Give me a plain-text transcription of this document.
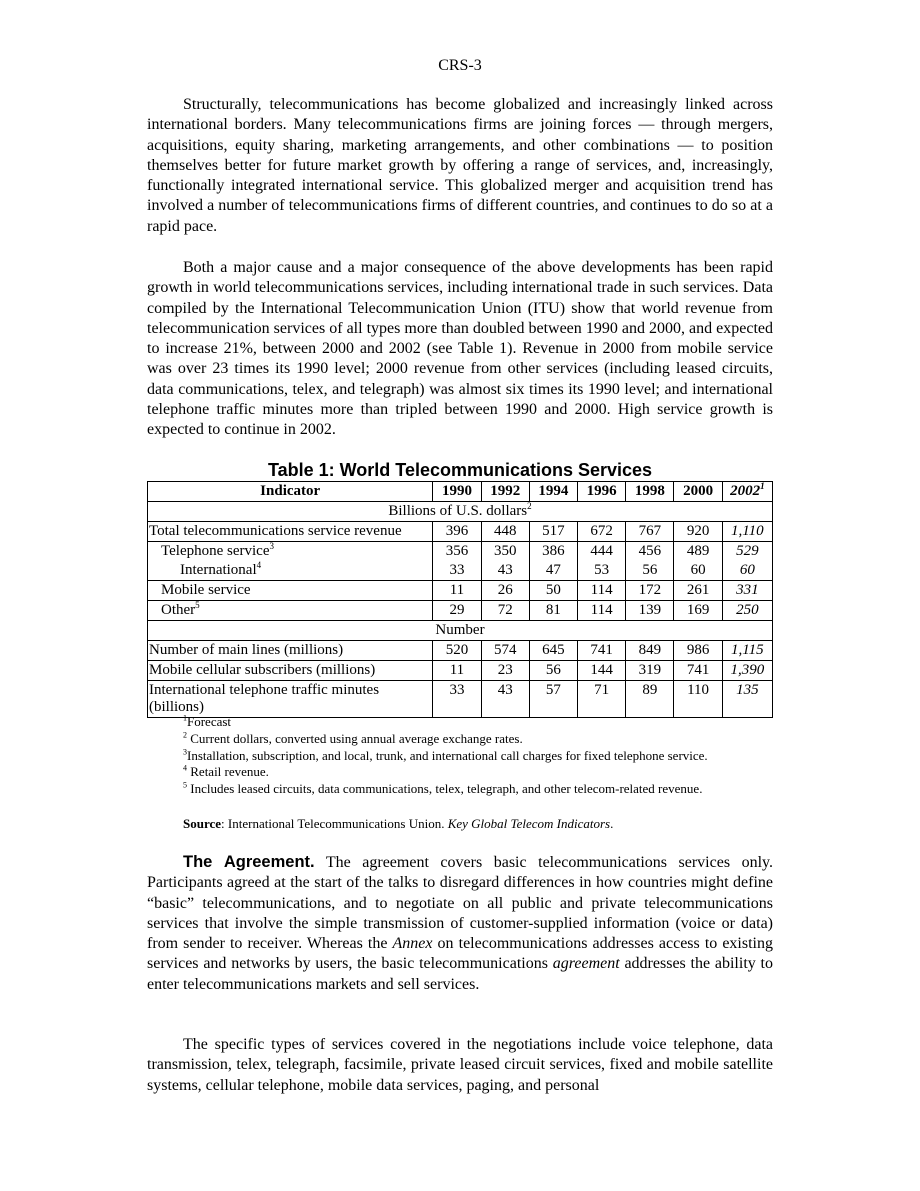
CRS-3

Structurally, telecommunications has become globalized and increasingly linked across international borders. Many telecommunications firms are joining forces — through mergers, acquisitions, equity sharing, marketing arrangements, and other combinations — to position themselves better for future market growth by offering a range of services, and, increasingly, functionally integrated international service. This globalized merger and acquisition trend has involved a number of telecommunications firms of different countries, and continues to do so at a rapid pace.

Both a major cause and a major consequence of the above developments has been rapid growth in world telecommunications services, including international trade in such services. Data compiled by the International Telecommunication Union (ITU) show that world revenue from telecommunication services of all types more than doubled between 1990 and 2000, and expected to increase 21%, between 2000 and 2002 (see Table 1). Revenue in 2000 from mobile service was over 23 times its 1990 level; 2000 revenue from other services (including leased circuits, data communications, telex, and telegraph) was almost six times its 1990 level; and international telephone traffic minutes more than tripled between 1990 and 2000. High service growth is expected to continue in 2002.

Table 1: World Telecommunications Services
Indicator	1990	1992	1994	1996	1998	2000	2002$^1$
Billions of U.S. dollars$^2$
Total telecommunications service revenue	396	448	517	672	767	920	1,110
Telephone service$^3$	356	350	386	444	456	489	529
International$^4$	33	43	47	53	56	60	60
Mobile service	11	26	50	114	172	261	331
Other$^5$	29	72	81	114	139	169	250
Number							
Number of main lines (millions)	520	574	645	741	849	986	1,115
Mobile cellular subscribers (millions)	11	23	56	144	319	741	1,390
International telephone traffic minutes (billions)	33	43	57	71	89	110	135
$^1$Forecast
$^2$ Current dollars, converted using annual average exchange rates.
$^3$Installation, subscription, and local, trunk, and international call charges for fixed telephone service.
$^4$ Retail revenue.
$^5$ Includes leased circuits, data communications, telex, telegraph, and other telecom-related revenue.
Source: International Telecommunications Union. Key Global Telecom Indicators.

The Agreement. The agreement covers basic telecommunications services only. Participants agreed at the start of the talks to disregard differences in how countries might define “basic” telecommunications, and to negotiate on all public and private telecommunications services that involve the simple transmission of customer-supplied information (voice or data) from sender to receiver. Whereas the Annex on telecommunications addresses access to existing services and networks by users, the basic telecommunications agreement addresses the ability to enter telecommunications markets and sell services.

The specific types of services covered in the negotiations include voice telephone, data transmission, telex, telegraph, facsimile, private leased circuit services, fixed and mobile satellite systems, cellular telephone, mobile data services, paging, and personal
